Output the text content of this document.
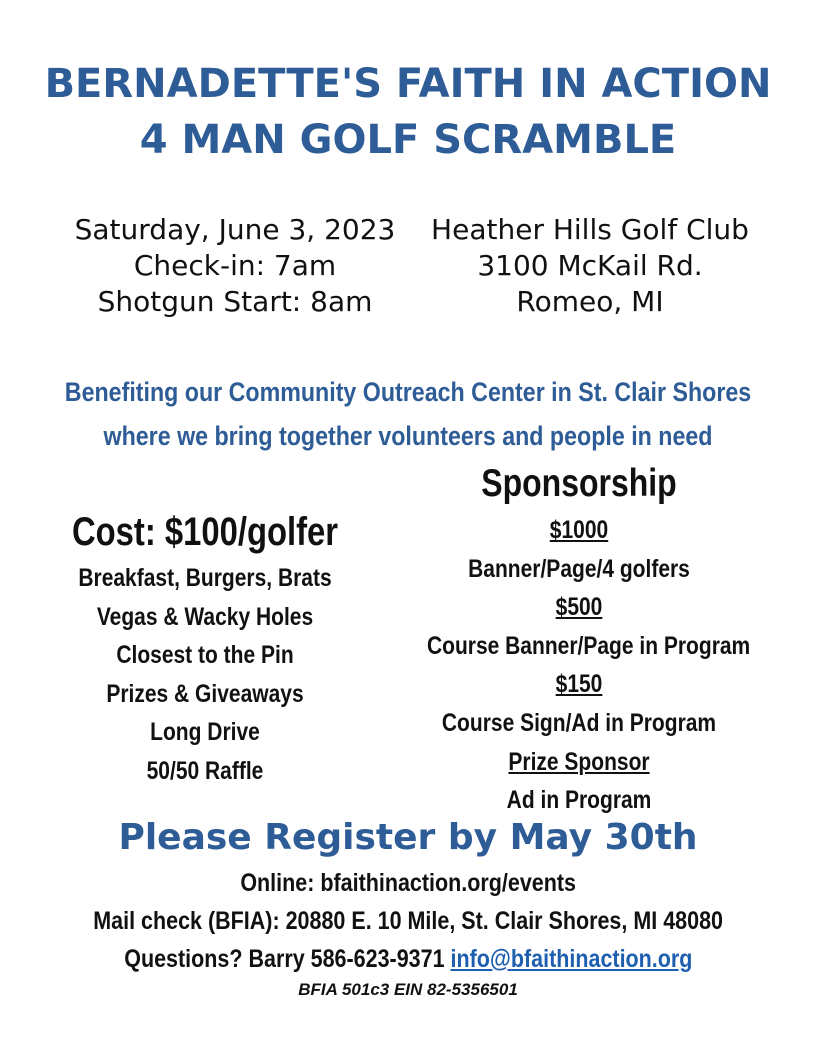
BERNADETTE'S FAITH IN ACTION
4 MAN GOLF SCRAMBLE
Saturday, June 3, 2023
Check-in: 7am
Shotgun Start: 8am
Heather Hills Golf Club
3100 McKail Rd.
Romeo, MI
Benefiting our Community Outreach Center in St. Clair Shores
where we bring together volunteers and people in need
Cost: $100/golfer
Breakfast, Burgers, Brats
Vegas & Wacky Holes
Closest to the Pin
Prizes & Giveaways
Long Drive
50/50 Raffle
Sponsorship
$1000
Banner/Page/4 golfers
$500
Course Banner/Page in Program
$150
Course Sign/Ad in Program
Prize Sponsor
Ad in Program
Please Register by May 30th
Online: bfaithinaction.org/events
Mail check (BFIA): 20880 E. 10 Mile, St. Clair Shores, MI 48080
Questions? Barry 586-623-9371 info@bfaithinaction.org
BFIA 501c3 EIN 82-5356501
